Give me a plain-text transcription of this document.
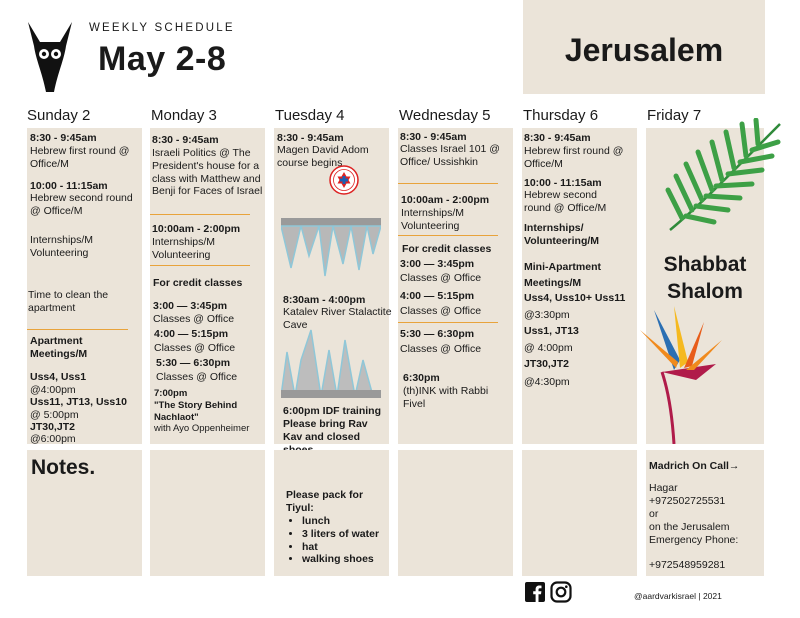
WEEKLY SCHEDULE
May 2-8	Jerusalem
Sunday 2	Monday 3	Tuesday 4	Wednesday 5 Thursday 6	Friday 7
8:30 - 9:45am
Hebrew first round @ Office/M
10:00 - 11:15am
Hebrew second round @ Office/M
Internships/M Volunteering
Time to clean the apartment
Apartment Meetings/M
Uss4, Uss1
@4:00pm
Uss11, JT13, Uss10
@ 5:00pm
JT30,JT2
@6:00pm
8:30 - 9:45am
Israeli Politics @ The President's house for a class with Matthew and Benji for Faces of Israel
10:00am - 2:00pm
Internships/M Volunteering
For credit classes
3:00 — 3:45pm
Classes @ Office
4:00 — 5:15pm
Classes @ Office
5:30 — 6:30pm
Classes @ Office
7:00pm
"The Story Behind Nachlaot"
with Ayo Oppenheimer
8:30 - 9:45am
Magen David Adom course begins
8:30am - 4:00pm
Katalev River Stalactite Cave
6:00pm IDF training
Please bring Rav Kav and closed
8:30 - 9:45am
Classes Israel 101 @ Office/ Ussishkin
10:00am - 2:00pm
Internships/M Volunteering
For credit classes
3:00 — 3:45pm
Classes @ Office
4:00 — 5:15pm
Classes @ Office
5:30 — 6:30pm
Classes @ Office
6:30pm
(th)INK with Rabbi Fivel
8:30 - 9:45am
Hebrew first round @ Office/M
10:00 - 11:15am
Hebrew second round @ Office/M
Internships/ Volunteering/M
Mini-Apartment Meetings/M
Uss4, Uss10+ Uss11
@3:30pm
Uss1, JT13
@ 4:00pm
JT30,JT2
@4:30pm
Shabbat Shalom
Notes.
Please pack for Tiyul:
• lunch
• 3 liters of water
• hat
• walking shoes
Madrich On Call→
Hagar
+972502725531
or
on the Jerusalem Emergency Phone:
+972548959281
@aardvarkisrael | 2021
